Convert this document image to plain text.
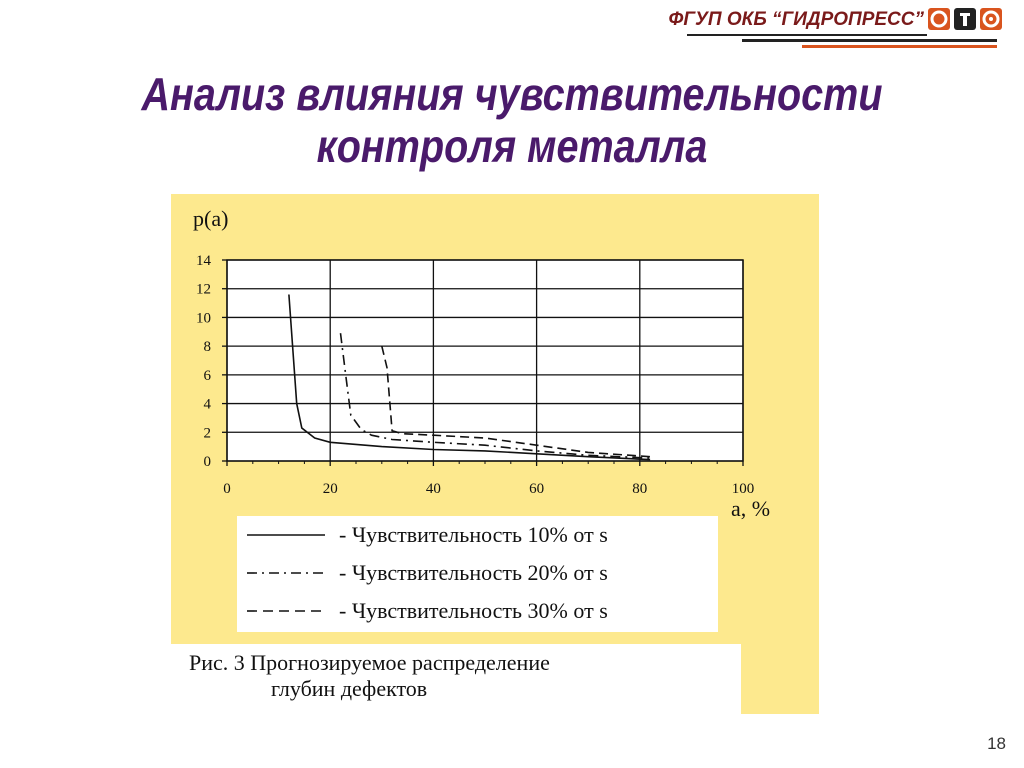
ФГУП ОКБ “ГИДРОПРЕСС”
Анализ влияния чувствительности
контроля металла
p(a)
a, %
0
2
4
6
8
10
12
14
0	20	40	60	80	100
- Чувствительность 10% от s
- Чувствительность 20% от s
- Чувствительность 30% от s
Рис. 3 Прогнозируемое распределение
глубин дефектов
18
